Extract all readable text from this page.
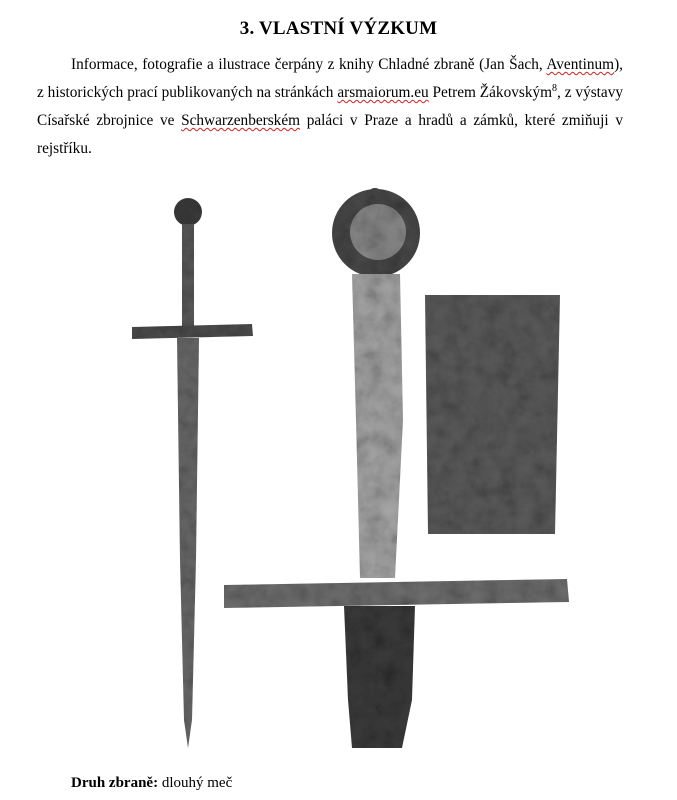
3. VLASTNÍ VÝZKUM
Informace, fotografie a ilustrace čerpány z knihy Chladné zbraně (Jan Šach, Aventinum), z historických prací publikovaných na stránkách arsmaiorum.eu Petrem Žákovským$^8$, z výstavy Císařské zbrojnice ve Schwarzenberském paláci v Praze a hradů a zámků, které zmiňuji v rejstříku.
Druh zbraně: dlouhý meč
